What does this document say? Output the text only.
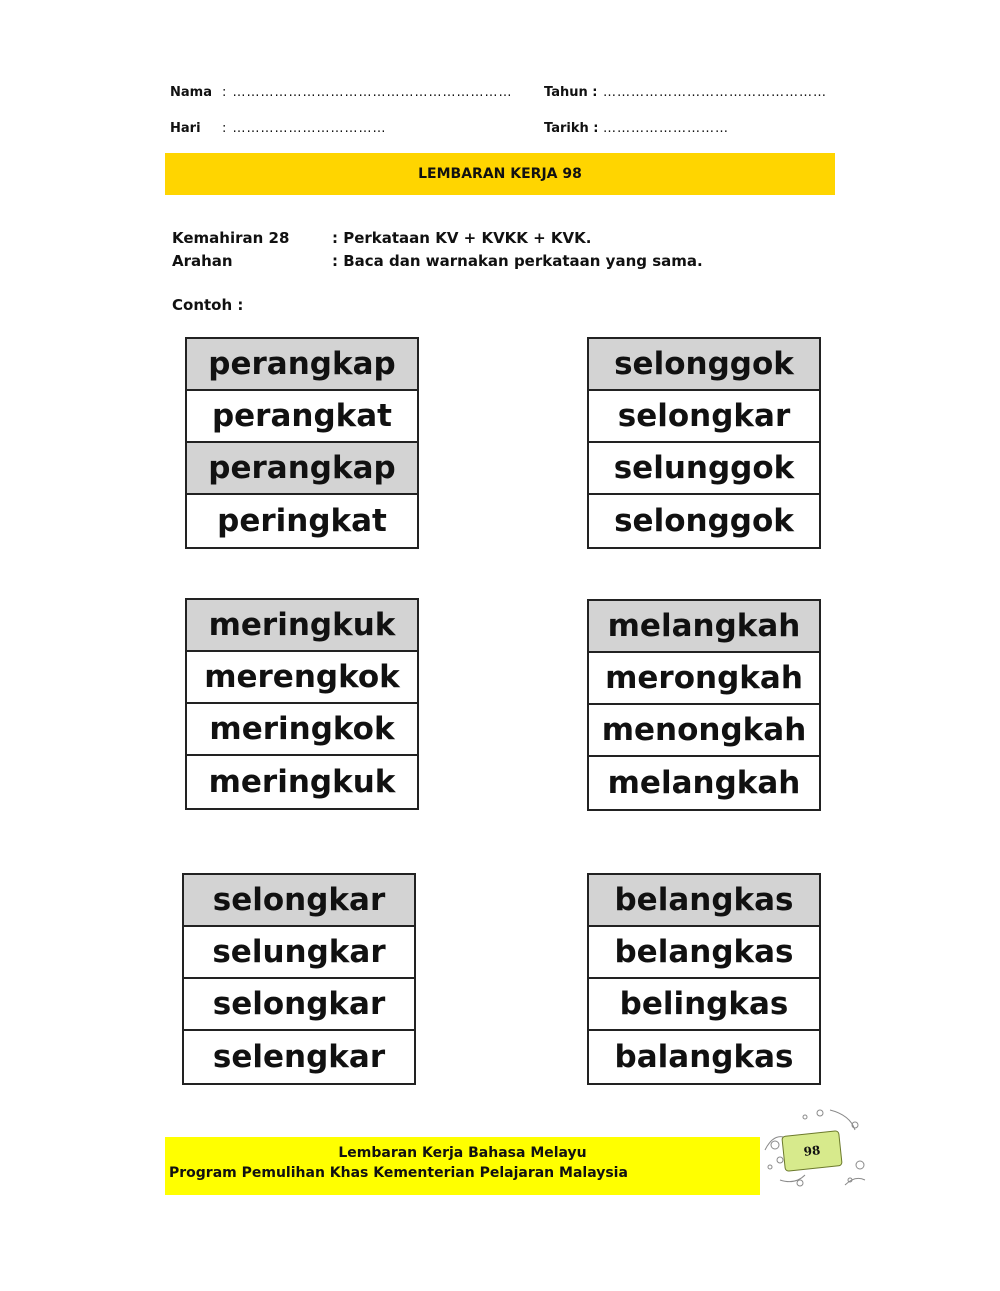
Nama : …………………………………………………… Tahun : …………………………………………
Hari : ……………………………	Tarikh : ………………………
LEMBARAN KERJA 98
Kemahiran 28	: Perkataan KV + KVKK + KVK.
Arahan	: Baca dan warnakan perkataan yang sama.
Contoh :
perangkap
perangkat
perangkap
peringkat
selonggok
selongkar
selunggok
selonggok
meringkuk
merengkok
meringkok
meringkuk
melangkah
merongkah
menongkah
melangkah
selongkar
selungkar
selongkar
selengkar
belangkas
belangkas
belingkas
balangkas
Lembaran Kerja Bahasa Melayu
Program Pemulihan Khas Kementerian Pelajaran Malaysia
98
